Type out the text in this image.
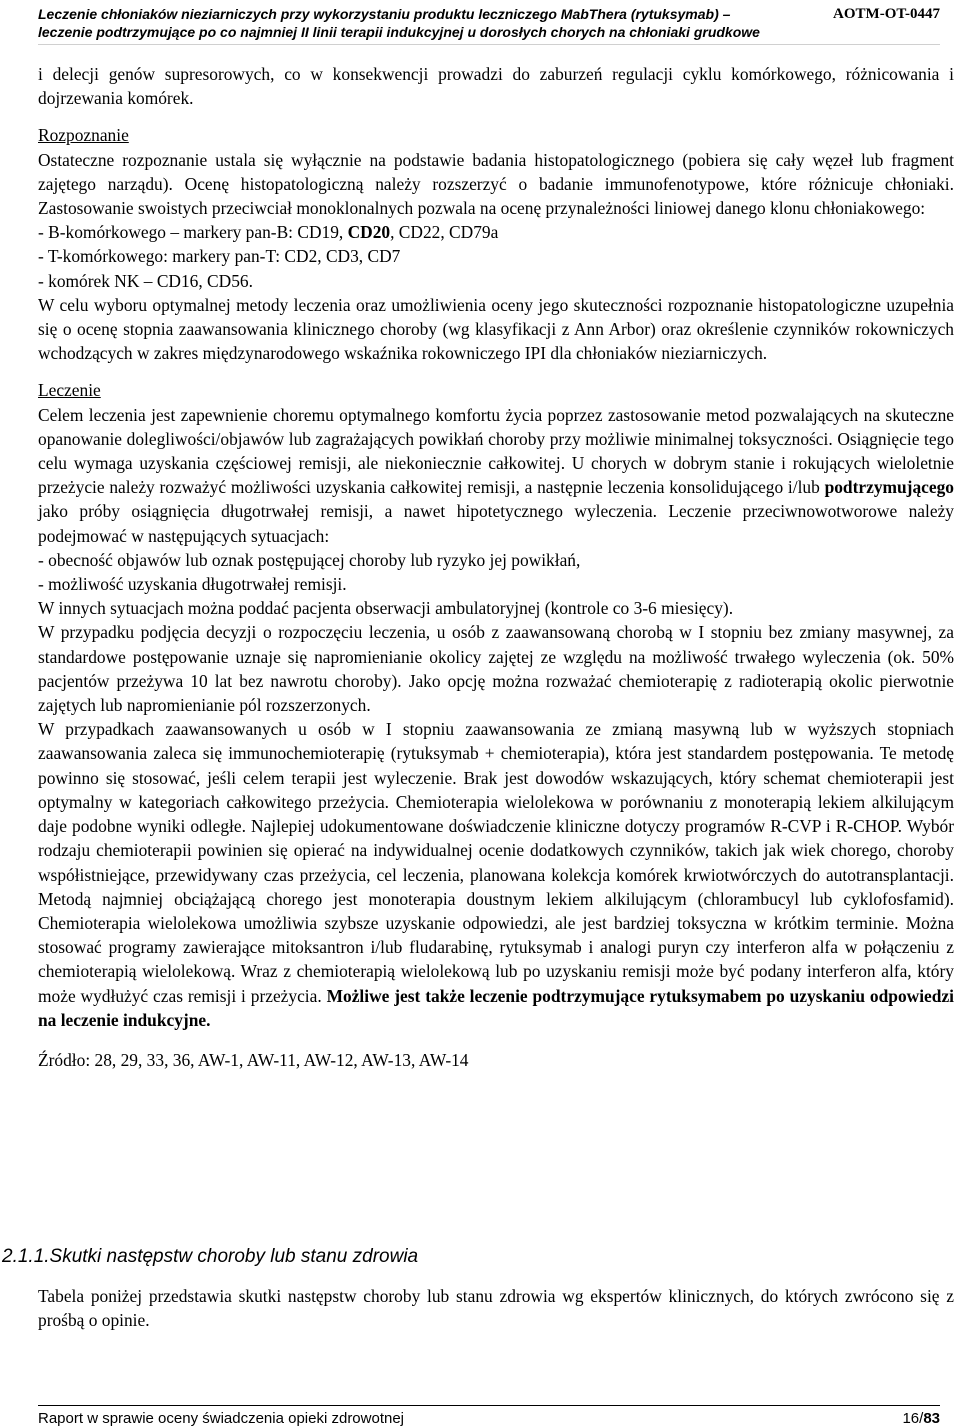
Leczenie chłoniaków nieziarniczych przy wykorzystaniu produktu leczniczego MabThera (rytuksymab) –
leczenie podtrzymujące po co najmniej II linii terapii indukcyjnej u dorosłych chorych na chłoniaki grudkowe
AOTM-OT-0447

i delecji genów supresorowych, co w konsekwencji prowadzi do zaburzeń regulacji cyklu komórkowego, różnicowania i dojrzewania komórek.

Rozpoznanie

Ostateczne rozpoznanie ustala się wyłącznie na podstawie badania histopatologicznego (pobiera się cały węzeł lub fragment zajętego narządu). Ocenę histopatologiczną należy rozszerzyć o badanie immunofenotypowe, które różnicuje chłoniaki. Zastosowanie swoistych przeciwciał monoklonalnych pozwala na ocenę przynależności liniowej danego klonu chłoniakowego:

- B-komórkowego – markery pan-B: CD19, CD20, CD22, CD79a

- T-komórkowego: markery pan-T: CD2, CD3, CD7

- komórek NK – CD16, CD56.

W celu wyboru optymalnej metody leczenia oraz umożliwienia oceny jego skuteczności rozpoznanie histopatologiczne uzupełnia się o ocenę stopnia zaawansowania klinicznego choroby (wg klasyfikacji z Ann Arbor) oraz określenie czynników rokowniczych wchodzących w zakres międzynarodowego wskaźnika rokowniczego IPI dla chłoniaków nieziarniczych.

Leczenie

Celem leczenia jest zapewnienie choremu optymalnego komfortu życia poprzez zastosowanie metod pozwalających na skuteczne opanowanie dolegliwości/objawów lub zagrażających powikłań choroby przy możliwie minimalnej toksyczności. Osiągnięcie tego celu wymaga uzyskania częściowej remisji, ale niekoniecznie całkowitej. U chorych w dobrym stanie i rokujących wieloletnie przeżycie należy rozważyć możliwości uzyskania całkowitej remisji, a następnie leczenia konsolidującego i/lub podtrzymującego jako próby osiągnięcia długotrwałej remisji, a nawet hipotetycznego wyleczenia. Leczenie przeciwnowotworowe należy podejmować w następujących sytuacjach:

- obecność objawów lub oznak postępującej choroby lub ryzyko jej powikłań,

- możliwość uzyskania długotrwałej remisji.

W innych sytuacjach można poddać pacjenta obserwacji ambulatoryjnej (kontrole co 3-6 miesięcy).

W przypadku podjęcia decyzji o rozpoczęciu leczenia, u osób z zaawansowaną chorobą w I stopniu bez zmiany masywnej, za standardowe postępowanie uznaje się napromienianie okolicy zajętej ze względu na możliwość trwałego wyleczenia (ok. 50% pacjentów przeżywa 10 lat bez nawrotu choroby). Jako opcję można rozważać chemioterapię z radioterapią okolic pierwotnie zajętych lub napromienianie pól rozszerzonych.

W przypadkach zaawansowanych u osób w I stopniu zaawansowania ze zmianą masywną lub w wyższych stopniach zaawansowania zaleca się immunochemioterapię (rytuksymab + chemioterapia), która jest standardem postępowania. Te metodę powinno się stosować, jeśli celem terapii jest wyleczenie. Brak jest dowodów wskazujących, który schemat chemioterapii jest optymalny w kategoriach całkowitego przeżycia. Chemioterapia wielolekowa w porównaniu z monoterapią lekiem alkilującym daje podobne wyniki odległe. Najlepiej udokumentowane doświadczenie kliniczne dotyczy programów R-CVP i R-CHOP. Wybór rodzaju chemioterapii powinien się opierać na indywidualnej ocenie dodatkowych czynników, takich jak wiek chorego, choroby współistniejące, przewidywany czas przeżycia, cel leczenia, planowana kolekcja komórek krwiotwórczych do autotransplantacji. Metodą najmniej obciążającą chorego jest monoterapia doustnym lekiem alkilującym (chlorambucyl lub cyklofosfamid). Chemioterapia wielolekowa umożliwia szybsze uzyskanie odpowiedzi, ale jest bardziej toksyczna w krótkim terminie. Można stosować programy zawierające mitoksantron i/lub fludarabinę, rytuksymab i analogi puryn czy interferon alfa w połączeniu z chemioterapią wielolekową. Wraz z chemioterapią wielolekową lub po uzyskaniu remisji może być podany interferon alfa, który może wydłużyć czas remisji i przeżycia. Możliwe jest także leczenie podtrzymujące rytuksymabem po uzyskaniu odpowiedzi na leczenie indukcyjne.

Źródło: 28, 29, 33, 36, AW-1, AW-11, AW-12, AW-13, AW-14

2.1.1.Skutki następstw choroby lub stanu zdrowia

Tabela poniżej przedstawia skutki następstw choroby lub stanu zdrowia wg ekspertów klinicznych, do których zwrócono się z prośbą o opinie.

Raport w sprawie oceny świadczenia opieki zdrowotnej	16/83
